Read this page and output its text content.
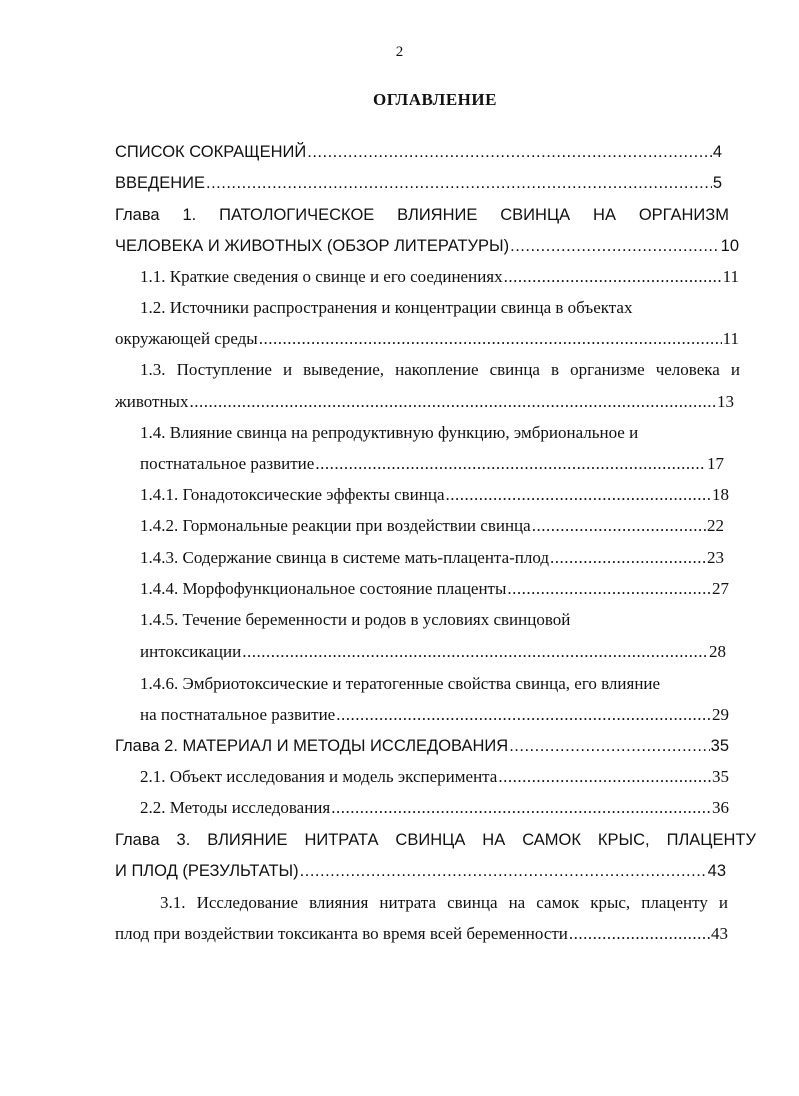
2
ОГЛАВЛЕНИЕ
СПИСОК СОКРАЩЕНИЙ .....	4
ВВЕДЕНИЕ .....	5
Глава 1. ПАТОЛОГИЧЕСКОЕ ВЛИЯНИЕ СВИНЦА НА ОРГАНИЗМ
ЧЕЛОВЕКА И ЖИВОТНЫХ (ОБЗОР ЛИТЕРАТУРЫ) .....	10
1.1. Краткие сведения о свинце и его соединениях .....	11
1.2. Источники распространения и концентрации свинца в объектах
окружающей среды .....	11
1.3. Поступление и выведение, накопление свинца в организме человека и
животных .....	13
1.4. Влияние свинца на репродуктивную функцию, эмбриональное и
постнатальное развитие .....	17
1.4.1. Гонадотоксические эффекты свинца .....	18
1.4.2. Гормональные реакции при воздействии свинца .....	22
1.4.3. Содержание свинца в системе мать-плацента-плод .....	23
1.4.4. Морфофункциональное состояние плаценты .....	27
1.4.5. Течение беременности и родов в условиях свинцовой
интоксикации .....	28
1.4.6. Эмбриотоксические и тератогенные свойства свинца, его влияние
на постнатальное развитие .....	29
Глава 2. МАТЕРИАЛ И МЕТОДЫ ИССЛЕДОВАНИЯ .....	35
2.1. Объект исследования и модель эксперимента .....	35
2.2. Методы исследования .....	36
Глава 3. ВЛИЯНИЕ НИТРАТА СВИНЦА НА САМОК КРЫС, ПЛАЦЕНТУ
И ПЛОД (РЕЗУЛЬТАТЫ) .....	43
3.1. Исследование влияния нитрата свинца на самок крыс, плаценту и
плод при воздействии токсиканта во время всей беременности .....	43
